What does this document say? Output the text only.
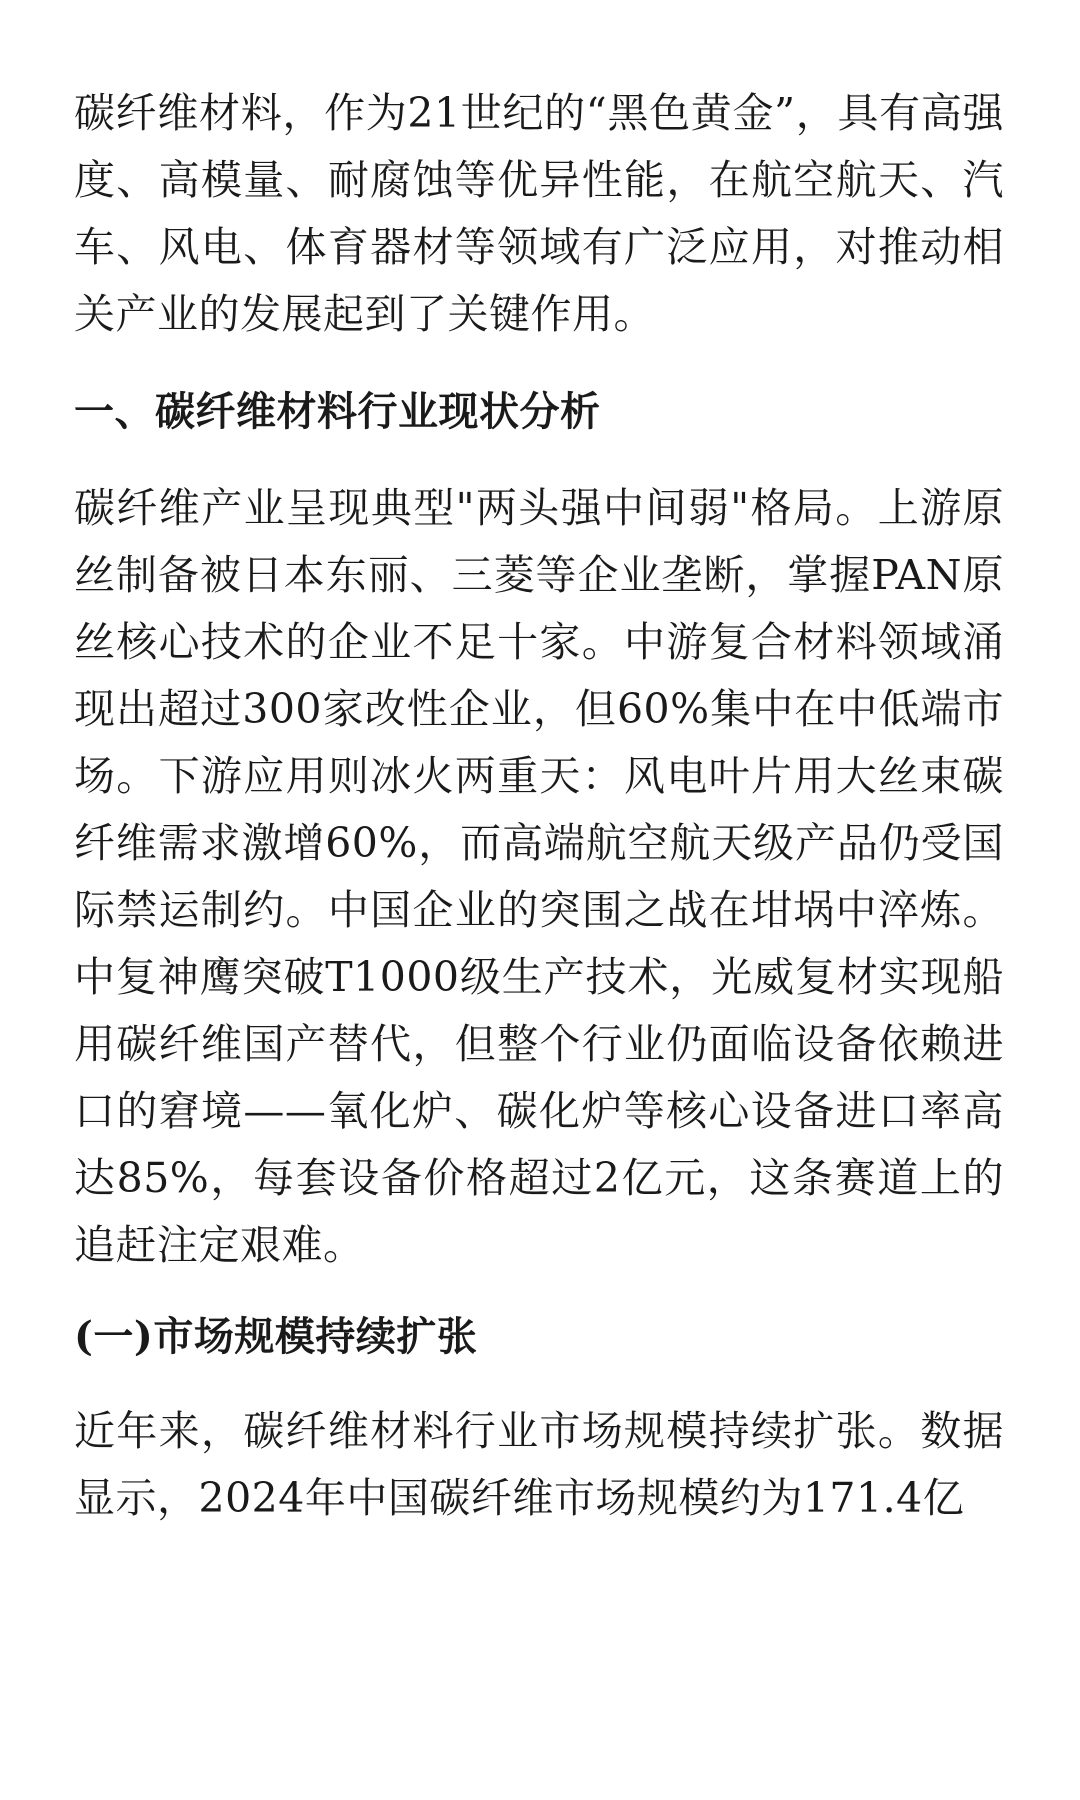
碳纤维材料，作为21世纪的“黑色黄金”，具有高强度、高模量、耐腐蚀等优异性能，在航空航天、汽车、风电、体育器材等领域有广泛应用，对推动相关产业的发展起到了关键作用。

一、碳纤维材料行业现状分析

碳纤维产业呈现典型"两头强中间弱"格局。上游原丝制备被日本东丽、三菱等企业垄断，掌握PAN原丝核心技术的企业不足十家。中游复合材料领域涌现出超过300家改性企业，但60%集中在中低端市场。下游应用则冰火两重天：风电叶片用大丝束碳纤维需求激增60%，而高端航空航天级产品仍受国际禁运制约。中国企业的突围之战在坩埚中淬炼。中复神鹰突破T1000级生产技术，光威复材实现船用碳纤维国产替代，但整个行业仍面临设备依赖进口的窘境——氧化炉、碳化炉等核心设备进口率高达85%，每套设备价格超过2亿元，这条赛道上的追赶注定艰难。

(一)市场规模持续扩张

近年来，碳纤维材料行业市场规模持续扩张。数据显示，2024年中国碳纤维市场规模约为171.4亿
